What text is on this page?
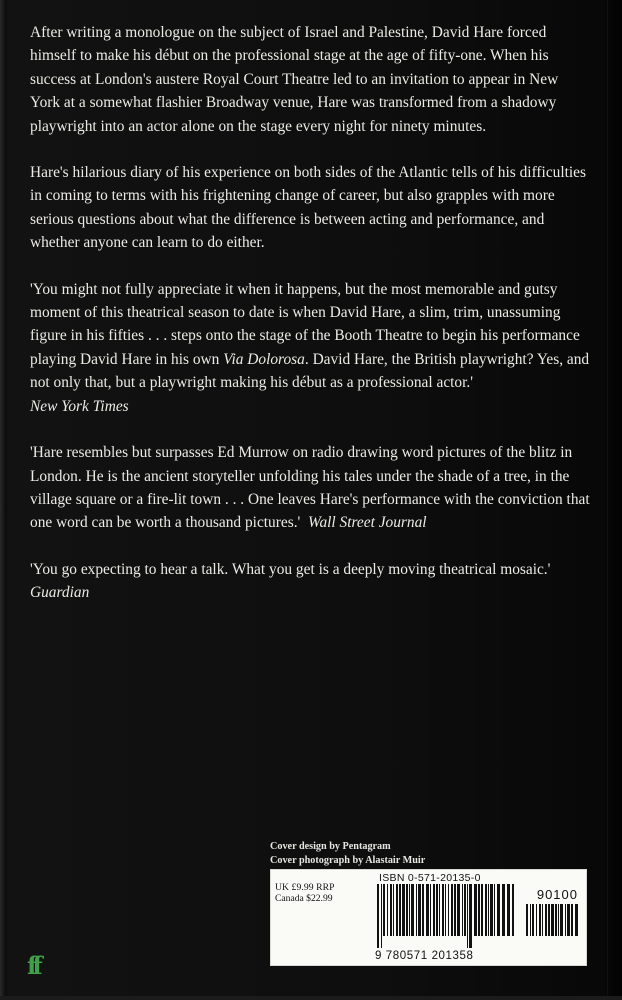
After writing a monologue on the subject of Israel and Palestine, David Hare forced himself to make his début on the professional stage at the age of fifty-one. When his success at London's austere Royal Court Theatre led to an invitation to appear in New York at a somewhat flashier Broadway venue, Hare was transformed from a shadowy playwright into an actor alone on the stage every night for ninety minutes.

Hare's hilarious diary of his experience on both sides of the Atlantic tells of his difficulties in coming to terms with his frightening change of career, but also grapples with more serious questions about what the difference is between acting and performance, and whether anyone can learn to do either.

'You might not fully appreciate it when it happens, but the most memorable and gutsy moment of this theatrical season to date is when David Hare, a slim, trim, unassuming figure in his fifties . . . steps onto the stage of the Booth Theatre to begin his performance playing David Hare in his own Via Dolorosa. David Hare, the British playwright? Yes, and not only that, but a playwright making his début as a professional actor.'
New York Times

'Hare resembles but surpasses Ed Murrow on radio drawing word pictures of the blitz in London. He is the ancient storyteller unfolding his tales under the shade of a tree, in the village square or a fire-lit town . . . One leaves Hare's performance with the conviction that one word can be worth a thousand pictures.' Wall Street Journal

'You go expecting to hear a talk. What you get is a deeply moving theatrical mosaic.'  Guardian

Cover design by Pentagram
Cover photograph by Alastair Muir
UK £9.99 RRP
Canada $22.99
ISBN 0-571-20135-0
90100
9 780571 201358
ff
